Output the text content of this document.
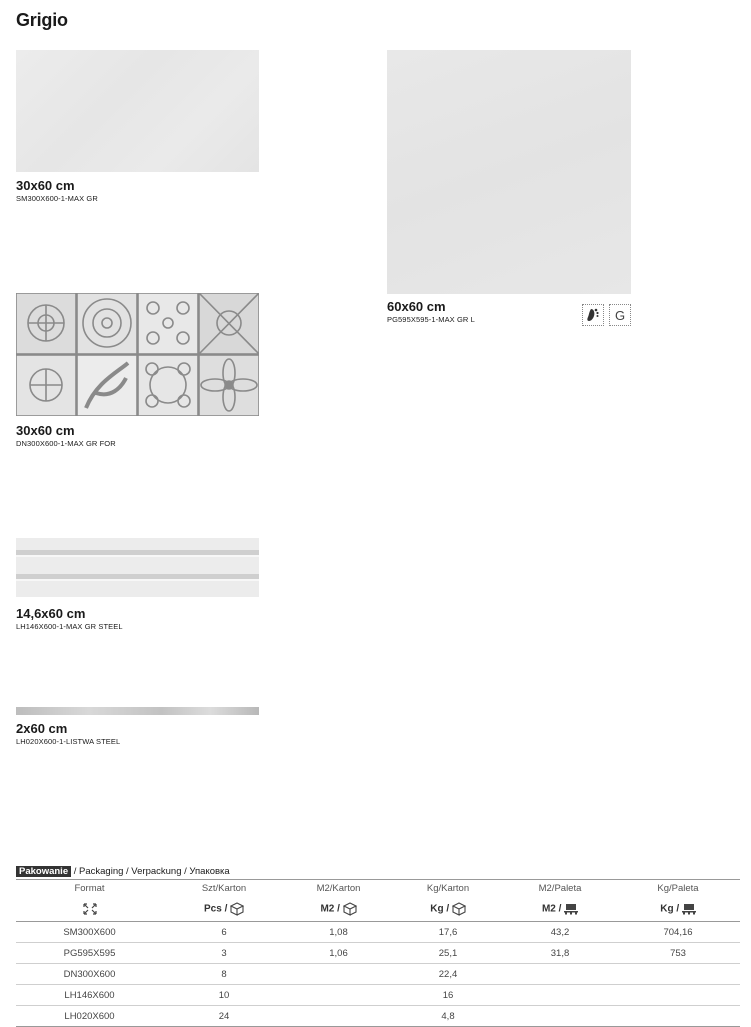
Grigio
30x60 cm
SM300X600-1-MAX GR
60x60 cm
PG595X595-1-MAX GR L	G
30x60 cm
DN300X600-1-MAX GR FOR
14,6x60 cm
LH146X600-1-MAX GR STEEL
2x60 cm
LH020X600-1-LISTWA STEEL
Pakowanie / Packaging / Verpackung / Упаковка
Format	Szt/Karton	M2/Karton	Kg/Karton	M2/Paleta	Kg/Paleta
	Pcs /	M2 /	Kg /	M2 /	Kg /
SM300X600	6	1,08	17,6	43,2	704,16
PG595X595	3	1,06	25,1	31,8	753
DN300X600	8		22,4		
LH146X600	10		16		
LH020X600	24		4,8		
